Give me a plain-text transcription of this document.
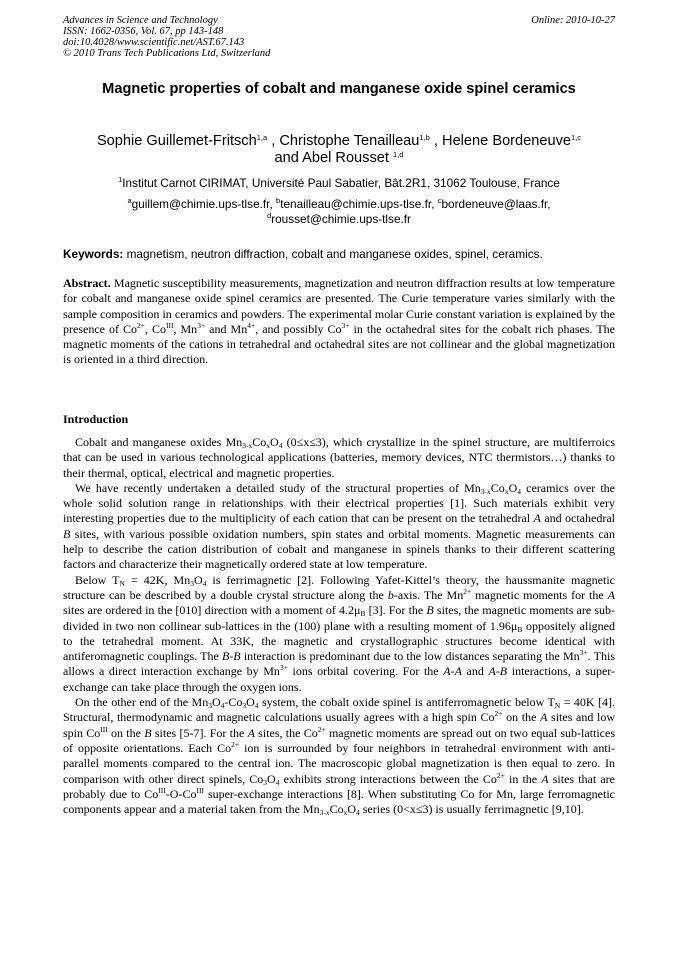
Advances in Science and Technology
ISSN: 1662-0356, Vol. 67, pp 143-148
doi:10.4028/www.scientific.net/AST.67.143
© 2010 Trans Tech Publications Ltd, Switzerland
Online: 2010-10-27
Magnetic properties of cobalt and manganese oxide spinel ceramics
Sophie Guillemet-Fritsch$^{1,a}$ , Christophe Tenailleau$^{1,b}$ , Helene Bordeneuve$^{1,c}$
and Abel Rousset $^{1,d}$
$^1$Institut Carnot CIRIMAT, Université Paul Sabatier, Bât.2R1, 31062 Toulouse, France
$^a$guillem@chimie.ups-tlse.fr, $^b$tenailleau@chimie.ups-tlse.fr, $^c$bordeneuve@laas.fr,
$^d$rousset@chimie.ups-tlse.fr
Keywords: magnetism, neutron diffraction, cobalt and manganese oxides, spinel, ceramics.

Abstract. Magnetic susceptibility measurements, magnetization and neutron diffraction results at low temperature for cobalt and manganese oxide spinel ceramics are presented. The Curie temperature varies similarly with the sample composition in ceramics and powders. The experimental molar Curie constant variation is explained by the presence of $Co^{2+}$, $Co^{III}$, $Mn^{3+}$ and $Mn^{4+}$, and possibly $Co^{3+}$ in the octahedral sites for the cobalt rich phases. The magnetic moments of the cations in tetrahedral and octahedral sites are not collinear and the global magnetization is oriented in a third direction.

Introduction

Cobalt and manganese oxides $Mn_{3-x}Co_xO_4$ (0≤x≤3), which crystallize in the spinel structure, are multiferroics that can be used in various technological applications (batteries, memory devices, NTC thermistors…) thanks to their thermal, optical, electrical and magnetic properties.

We have recently undertaken a detailed study of the structural properties of $Mn_{3-x}Co_xO_4$ ceramics over the whole solid solution range in relationships with their electrical properties [1]. Such materials exhibit very interesting properties due to the multiplicity of each cation that can be present on the tetrahedral A and octahedral B sites, with various possible oxidation numbers, spin states and orbital moments. Magnetic measurements can help to describe the cation distribution of cobalt and manganese in spinels thanks to their different scattering factors and characterize their magnetically ordered state at low temperature.

Below $T_N = 42K$, $Mn_3O_4$ is ferrimagnetic [2]. Following Yafet-Kittel’s theory, the haussmanite magnetic structure can be described by a double crystal structure along the b-axis. The $Mn^{2+}$ magnetic moments for the A sites are ordered in the [010] direction with a moment of $4.2\mu_B$ [3]. For the B sites, the magnetic moments are sub-divided in two non collinear sub-lattices in the (100) plane with a resulting moment of $1.96\mu_B$ oppositely aligned to the tetrahedral moment. At 33K, the magnetic and crystallographic structures become identical with antiferomagnetic couplings. The B-B interaction is predominant due to the low distances separating the $Mn^{3+}$. This allows a direct interaction exchange by $Mn^{3+}$ ions orbital covering. For the A-A and A-B interactions, a super-exchange can take place through the oxygen ions.

On the other end of the $Mn_3O_4-Co_3O_4$ system, the cobalt oxide spinel is antiferromagnetic below $T_N = 40K$ [4]. Structural, thermodynamic and magnetic calculations usually agrees with a high spin $Co^{2+}$ on the A sites and low spin $Co^{III}$ on the B sites [5-7]. For the A sites, the $Co^{2+}$ magnetic moments are spread out on two equal sub-lattices of opposite orientations. Each $Co^{2+}$ ion is surrounded by four neighbors in tetrahedral environment with anti-parallel moments compared to the central ion. The macroscopic global magnetization is then equal to zero. In comparison with other direct spinels, $Co_3O_4$ exhibits strong interactions between the $Co^{2+}$ in the A sites that are probably due to $Co^{III}-O-Co^{III}$ super-exchange interactions [8]. When substituting Co for Mn, large ferromagnetic components appear and a material taken from the $Mn_{3-x}Co_xO_4$ series (0<x≤3) is usually ferrimagnetic [9,10].
